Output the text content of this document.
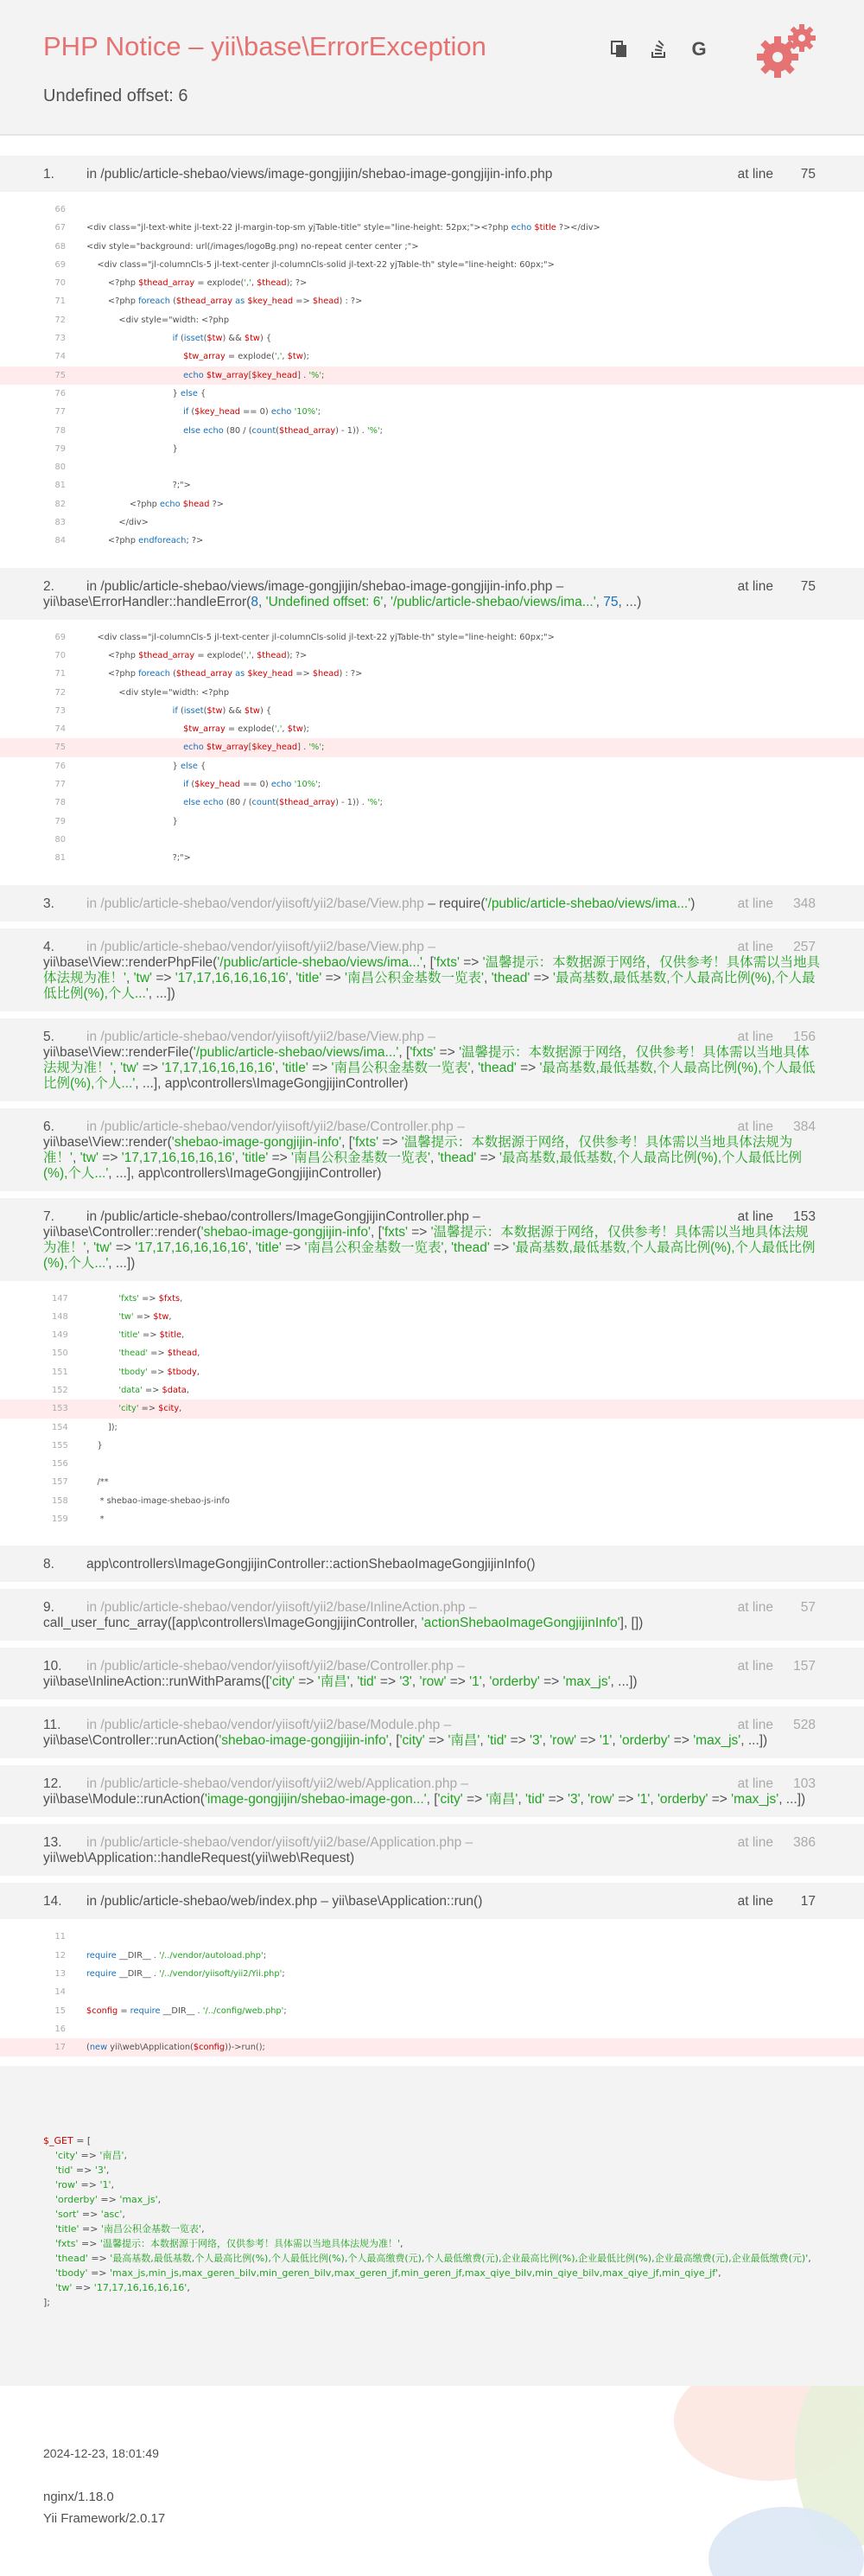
PHP Notice – yii\base\ErrorException
Undefined offset: 6
G
1. in /public/article-shebao/views/image-gongjijin/shebao-image-gongjijin-info.php	at line 75
66
67 <div class="jl-text-white jl-text-22 jl-margin-top-sm yjTable-title" style="line-height: 52px;"><?php echo $title ?></div>
68 <div style="background: url(/images/logoBg.png) no-repeat center center ;">
69 <div class="jl-columnCls-5 jl-text-center jl-columnCls-solid jl-text-22 yjTable-th" style="line-height: 60px;">
70 <?php $thead_array = explode(',', $thead); ?>
71 <?php foreach ($thead_array as $key_head => $head) : ?>
72 <div style="width: <?php
73	if (isset($tw) && $tw) {
74	$tw_array = explode(',', $tw);
75	echo $tw_array[$key_head] . '%';
76 } else {
77	if ($key_head == 0) echo '10%';
78	else echo (80 / (count($thead_array) - 1)) . '%';
79 }
80
81 ?;">
82 <?php echo $head ?>
83 </div>
84 <?php endforeach; ?>
2. in /public/article-shebao/views/image-gongjijin/shebao-image-gongjijin-info.php –
yii\base\ErrorHandler::handleError(8, 'Undefined offset: 6', '/public/article-shebao/views/ima...', 75, ...)
at line 75
69 <div class="jl-columnCls-5 jl-text-center jl-columnCls-solid jl-text-22 yjTable-th" style="line-height: 60px;">
70 <?php $thead_array = explode(',', $thead); ?>
71 <?php foreach ($thead_array as $key_head => $head) : ?>
72 <div style="width: <?php
73	if (isset($tw) && $tw) {
74	$tw_array = explode(',', $tw);
75	echo $tw_array[$key_head] . '%';
76 } else {
77	if ($key_head == 0) echo '10%';
78	else echo (80 / (count($thead_array) - 1)) . '%';
79 }
80
81 ?;">
3. in /public/article-shebao/vendor/yiisoft/yii2/base/View.php – require('/public/article-shebao/views/ima...')	at line 348
4. in /public/article-shebao/vendor/yiisoft/yii2/base/View.php –
yii\base\View::renderPhpFile('/public/article-shebao/views/ima...', ['fxts' => '温馨提示：本数据源于网络，仅供参考！具体需以当地具体法规为准！', 'tw' => '17,17,16,16,16,16', 'title' => '南昌公积金基数一览表', 'thead' => '最高基数,最低基数,个人最高比例(%),个人最低比例(%),个人...', ...])
at line 257
5. in /public/article-shebao/vendor/yiisoft/yii2/base/View.php –
yii\base\View::renderFile('/public/article-shebao/views/ima...', ['fxts' => '温馨提示：本数据源于网络，仅供参考！具体需以当地具体法规为准！', 'tw' => '17,17,16,16,16,16', 'title' => '南昌公积金基数一览表', 'thead' => '最高基数,最低基数,个人最高比例(%),个人最低比例(%),个人...', ...], app\controllers\ImageGongjijinController)
at line 156
6. in /public/article-shebao/vendor/yiisoft/yii2/base/Controller.php –
yii\base\View::render('shebao-image-gongjijin-info', ['fxts' => '温馨提示：本数据源于网络，仅供参考！具体需以当地具体法规为准！', 'tw' => '17,17,16,16,16,16', 'title' => '南昌公积金基数一览表', 'thead' => '最高基数,最低基数,个人最高比例(%),个人最低比例(%),个人...', ...], app\controllers\ImageGongjijinController)
at line 384
7. in /public/article-shebao/controllers/ImageGongjijinController.php –
yii\base\Controller::render('shebao-image-gongjijin-info', ['fxts' => '温馨提示：本数据源于网络，仅供参考！具体需以当地具体法规为准！', 'tw' => '17,17,16,16,16,16', 'title' => '南昌公积金基数一览表', 'thead' => '最高基数,最低基数,个人最高比例(%),个人最低比例(%),个人...', ...])
at line 153
147	'fxts' => $fxts,
148	'tw' => $tw,
149	'title' => $title,
150	'thead' => $thead,
151	'tbody' => $tbody,
152	'data' => $data,
153	'city' => $city,
154 ]);
155 }
156
157 /**
158 * shebao-image-shebao-js-info
159 *
8. app\controllers\ImageGongjijinController::actionShebaoImageGongjijinInfo()
9. in /public/article-shebao/vendor/yiisoft/yii2/base/InlineAction.php –
call_user_func_array([app\controllers\ImageGongjijinController, 'actionShebaoImageGongjijinInfo'], [])
at line 57
10. in /public/article-shebao/vendor/yiisoft/yii2/base/Controller.php –
yii\base\InlineAction::runWithParams(['city' => '南昌', 'tid' => '3', 'row' => '1', 'orderby' => 'max_js', ...])
at line 157
11. in /public/article-shebao/vendor/yiisoft/yii2/base/Module.php –
yii\base\Controller::runAction('shebao-image-gongjijin-info', ['city' => '南昌', 'tid' => '3', 'row' => '1', 'orderby' => 'max_js', ...])
at line 528
12. in /public/article-shebao/vendor/yiisoft/yii2/web/Application.php –
yii\base\Module::runAction('image-gongjijin/shebao-image-gon...', ['city' => '南昌', 'tid' => '3', 'row' => '1', 'orderby' => 'max_js', ...])
at line 103
13. in /public/article-shebao/vendor/yiisoft/yii2/base/Application.php –
yii\web\Application::handleRequest(yii\web\Request)
at line 386
14. in /public/article-shebao/web/index.php – yii\base\Application::run()	at line 17
11
12 require __DIR__ . '/../vendor/autoload.php';
13 require __DIR__ . '/../vendor/yiisoft/yii2/Yii.php';
14
15 $config = require __DIR__ . '/../config/web.php';
16
17 (new yii\web\Application($config))->run();
$_GET = [
'city' => '南昌',
'tid' => '3',
'row' => '1',
'orderby' => 'max_js',
'sort' => 'asc',
'title' => '南昌公积金基数一览表',
'fxts' => '温馨提示：本数据源于网络，仅供参考！具体需以当地具体法规为准！',
'thead' => '最高基数,最低基数,个人最高比例(%),个人最低比例(%),个人最高缴费(元),个人最低缴费(元),企业最高比例(%),企业最低比例(%),企业最高缴费(元),企业最低缴费(元)',
'tbody' => 'max_js,min_js,max_geren_bilv,min_geren_bilv,max_geren_jf,min_geren_jf,max_qiye_bilv,min_qiye_bilv,max_qiye_jf,min_qiye_jf',
'tw' => '17,17,16,16,16,16',
];
2024-12-23, 18:01:49
nginx/1.18.0
Yii Framework/2.0.17
